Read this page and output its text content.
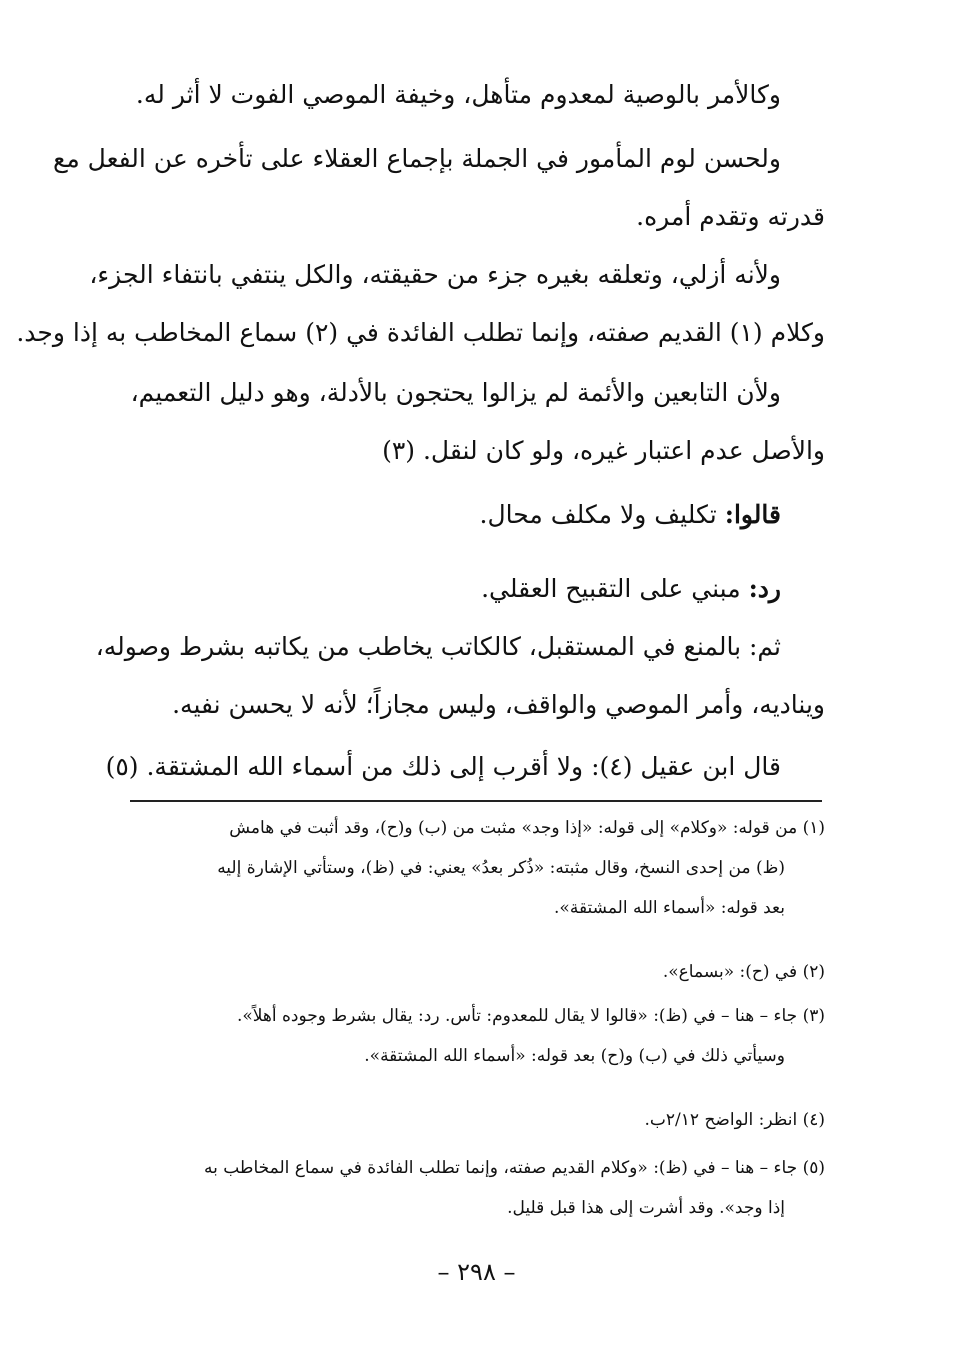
وكالأمر بالوصية لمعدوم متأهل، وخيفة الموصي الفوت لا أثر له.

ولحسن لوم المأمور في الجملة بإجماع العقلاء على تأخره عن الفعل مع
قدرته وتقدم أمره.

ولأنه أزلي، وتعلقه بغيره جزء من حقيقته، والكل ينتفي بانتفاء الجزء،
وكلام (١) القديم صفته، وإنما تطلب الفائدة في (٢) سماع المخاطب به إذا وجد.

ولأن التابعين والأئمة لم يزالوا يحتجون بالأدلة، وهو دليل التعميم،
والأصل عدم اعتبار غيره، ولو كان لنقل. (٣)

قالوا: تكليف ولا مكلف محال.

رد: مبني على التقبيح العقلي.

ثم: بالمنع في المستقبل، كالكاتب يخاطب من يكاتبه بشرط وصوله،
ويناديه، وأمر الموصي والواقف، وليس مجازاً؛ لأنه لا يحسن نفيه.

قال ابن عقيل (٤): ولا أقرب إلى ذلك من أسماء الله المشتقة. (٥)

(١) من قوله: «وكلام» إلى قوله: «إذا وجد» مثبت من (ب) و(ح)، وقد أثبت في هامش
(ظ) من إحدى النسخ، وقال مثبته: «ذُكر بعدُ» يعني: في (ظ)، وستأتي الإشارة إليه
بعد قوله: «أسماء الله المشتقة».

(٢) في (ح): «بسماع».

(٣) جاء – هنا – في (ظ): «قالوا لا يقال للمعدوم: تأس. رد: يقال بشرط وجوده أهلاً».
وسيأتي ذلك في (ب) و(ح) بعد قوله: «أسماء الله المشتقة».

(٤) انظر: الواضح ٢/١٢ب.

(٥) جاء – هنا – في (ظ): «وكلام القديم صفته، وإنما تطلب الفائدة في سماع المخاطب به
إذا وجد». وقد أشرت إلى هذا قبل قليل.

– ٢٩٨ –
